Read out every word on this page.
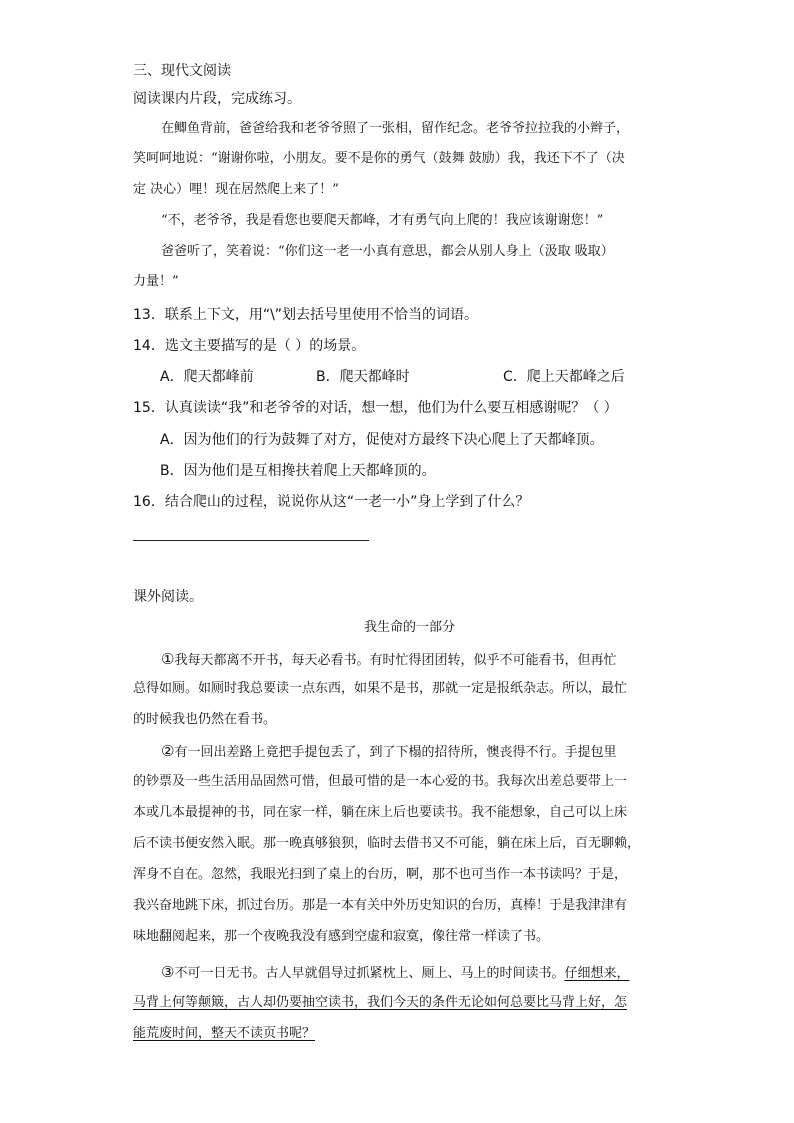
三、现代文阅读
阅读课内片段，完成练习。
在鲫鱼背前，爸爸给我和老爷爷照了一张相，留作纪念。老爷爷拉拉我的小辫子，
笑呵呵地说：“谢谢你啦，小朋友。要不是你的勇气（鼓舞 鼓励）我，我还下不了（决
定 决心）哩！现在居然爬上来了！”
“不，老爷爷，我是看您也要爬天都峰，才有勇气向上爬的！我应该谢谢您！”
爸爸听了，笑着说：“你们这一老一小真有意思，都会从别人身上（汲取 吸取）
力量！”
13．联系上下文，用“\”划去括号里使用不恰当的词语。
14．选文主要描写的是（ ）的场景。
A．爬天都峰前	B．爬天都峰时	C．爬上天都峰之后
15．认真读读“我”和老爷爷的对话，想一想，他们为什么要互相感谢呢？（ ）
A．因为他们的行为鼓舞了对方，促使对方最终下决心爬上了天都峰顶。
B．因为他们是互相搀扶着爬上天都峰顶的。
16．结合爬山的过程，说说你从这“一老一小”身上学到了什么？
课外阅读。
我生命的一部分
①我每天都离不开书，每天必看书。有时忙得团团转，似乎不可能看书，但再忙
总得如厕。如厕时我总要读一点东西，如果不是书，那就一定是报纸杂志。所以，最忙
的时候我也仍然在看书。
②有一回出差路上竟把手提包丢了，到了下榻的招待所，懊丧得不行。手提包里
的钞票及一些生活用品固然可惜，但最可惜的是一本心爱的书。我每次出差总要带上一
本或几本最提神的书，同在家一样，躺在床上后也要读书。我不能想象，自己可以上床
后不读书便安然入眠。那一晚真够狼狈，临时去借书又不可能，躺在床上后，百无聊赖，
浑身不自在。忽然，我眼光扫到了桌上的台历，啊，那不也可当作一本书读吗？于是，
我兴奋地跳下床，抓过台历。那是一本有关中外历史知识的台历，真棒！于是我津津有
味地翻阅起来，那一个夜晚我没有感到空虚和寂寞，像往常一样读了书。
③不可一日无书。古人早就倡导过抓紧枕上、厕上、马上的时间读书。仔细想来，
马背上何等颠簸，古人却仍要抽空读书，我们今天的条件无论如何总要比马背上好，怎
能荒废时间，整天不读页书呢？
